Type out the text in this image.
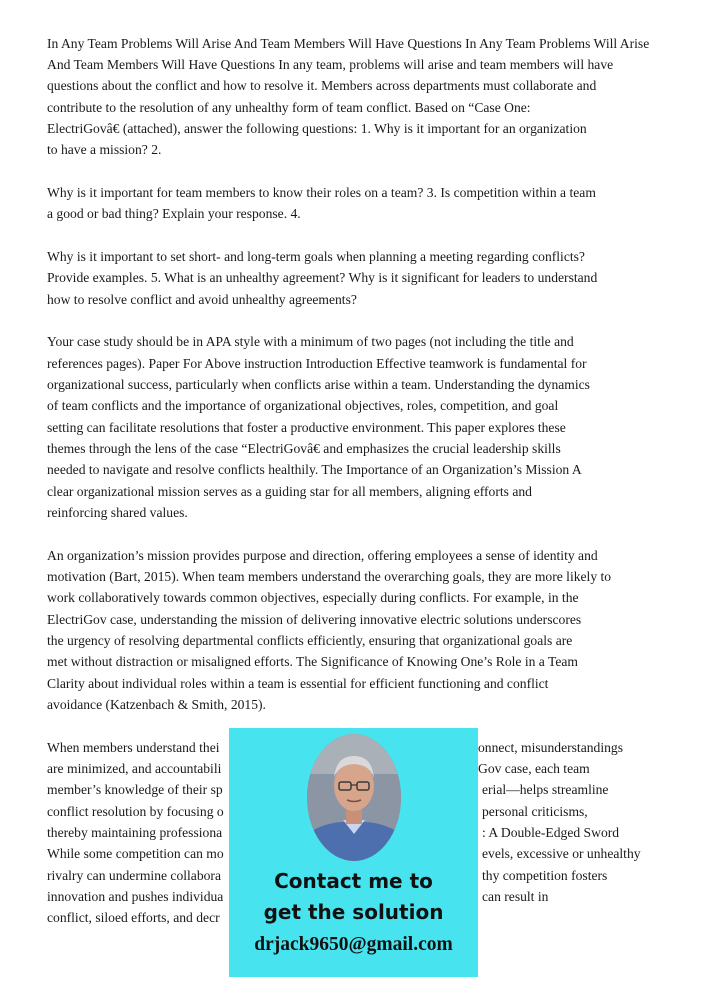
In Any Team Problems Will Arise And Team Members Will Have Questions In Any Team Problems Will Arise
And Team Members Will Have Questions In any team, problems will arise and team members will have
questions about the conflict and how to resolve it. Members across departments must collaborate and
contribute to the resolution of any unhealthy form of team conflict. Based on “Case One:
ElectriGovâ€ (attached), answer the following questions: 1. Why is it important for an organization
to have a mission? 2.
Why is it important for team members to know their roles on a team? 3. Is competition within a team
a good or bad thing? Explain your response. 4.
Why is it important to set short- and long-term goals when planning a meeting regarding conflicts?
Provide examples. 5. What is an unhealthy agreement? Why is it significant for leaders to understand
how to resolve conflict and avoid unhealthy agreements?
Your case study should be in APA style with a minimum of two pages (not including the title and
references pages). Paper For Above instruction Introduction Effective teamwork is fundamental for
organizational success, particularly when conflicts arise within a team. Understanding the dynamics
of team conflicts and the importance of organizational objectives, roles, competition, and goal
setting can facilitate resolutions that foster a productive environment. This paper explores these
themes through the lens of the case “ElectriGovâ€ and emphasizes the crucial leadership skills
needed to navigate and resolve conflicts healthily. The Importance of an Organization’s Mission A
clear organizational mission serves as a guiding star for all members, aligning efforts and
reinforcing shared values.
An organization’s mission provides purpose and direction, offering employees a sense of identity and
motivation (Bart, 2015). When team members understand the overarching goals, they are more likely to
work collaboratively towards common objectives, especially during conflicts. For example, in the
ElectriGov case, understanding the mission of delivering innovative electric solutions underscores
the urgency of resolving departmental conflicts efficiently, ensuring that organizational goals are
met without distraction or misaligned efforts. The Significance of Knowing One’s Role in a Team
Clarity about individual roles within a team is essential for efficient functioning and conflict
avoidance (Katzenbach & Smith, 2015).
When members understand thei	onnect, misunderstandings
are minimized, and accountabili	Gov case, each team
member’s knowledge of their sp	erial—helps streamline
conflict resolution by focusing o	personal criticisms,
thereby maintaining professiona	: A Double-Edged Sword
While some competition can mo	evels, excessive or unhealthy
rivalry can undermine collabora	thy competition fosters
innovation and pushes individua	can result in
conflict, siloed efforts, and decr
Contact me to
get the solution
drjack9650@gmail.com
